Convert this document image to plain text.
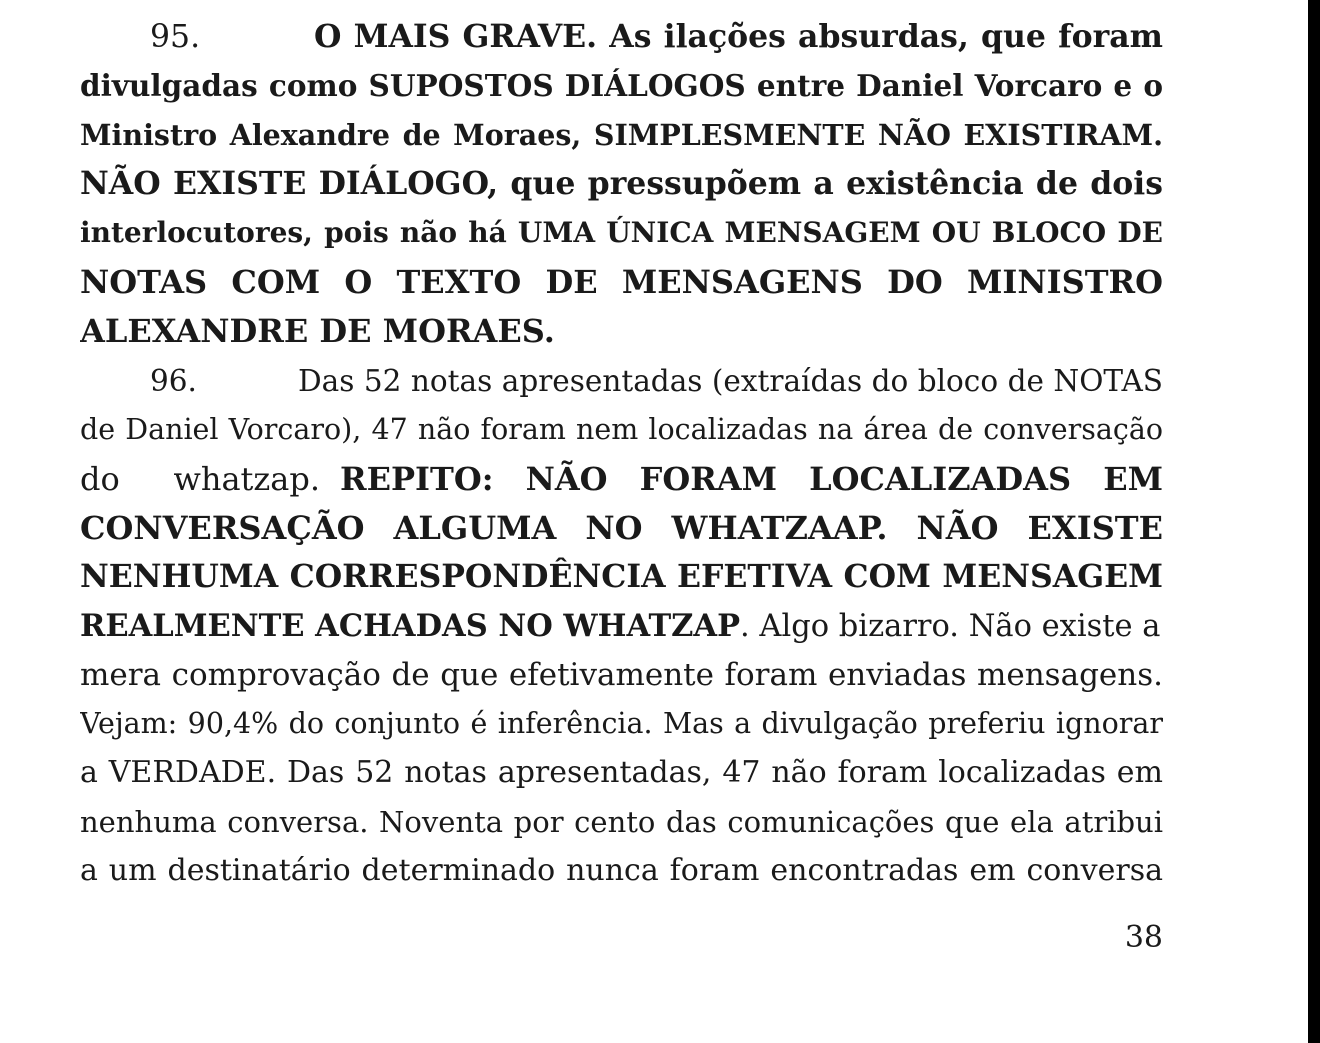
95.	O MAIS GRAVE. As ilações absurdas, que foram
divulgadas como SUPOSTOS DIÁLOGOS entre Daniel Vorcaro e o
Ministro Alexandre de Moraes, SIMPLESMENTE NÃO EXISTIRAM.
NÃO EXISTE DIÁLOGO, que pressupõem a existência de dois
interlocutores, pois não há UMA ÚNICA MENSAGEM OU BLOCO DE
NOTAS COM O TEXTO DE MENSAGENS DO MINISTRO
ALEXANDRE DE MORAES.
96.	Das 52 notas apresentadas (extraídas do bloco de NOTAS
de Daniel Vorcaro), 47 não foram nem localizadas na área de conversação
do whatzap. REPITO: NÃO FORAM LOCALIZADAS EM
CONVERSAÇÃO ALGUMA NO WHATZAAP. NÃO EXISTE
NENHUMA CORRESPONDÊNCIA EFETIVA COM MENSAGEM
REALMENTE ACHADAS NO WHATZAP. Algo bizarro. Não existe a
mera comprovação de que efetivamente foram enviadas mensagens.
Vejam: 90,4% do conjunto é inferência. Mas a divulgação preferiu ignorar
a VERDADE. Das 52 notas apresentadas, 47 não foram localizadas em
nenhuma conversa. Noventa por cento das comunicações que ela atribui
a um destinatário determinado nunca foram encontradas em conversa
38
